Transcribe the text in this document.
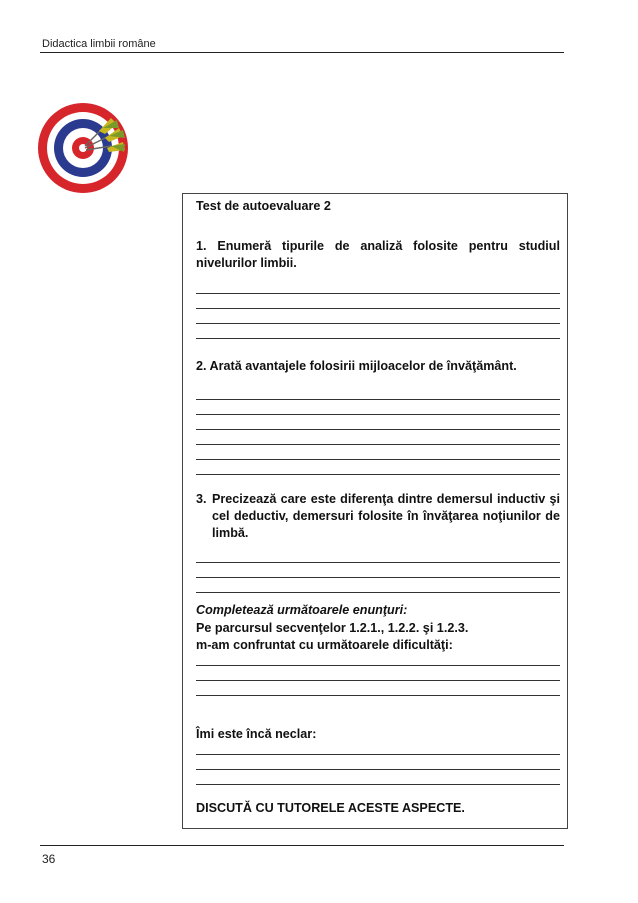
Didactica limbii române
Test de autoevaluare 2
1. Enumeră tipurile de analiză folosite pentru studiul nivelurilor limbii.
2. Arată avantajele folosirii mijloacelor de învăţământ.
3. Precizează care este diferenţa dintre demersul inductiv şi cel deductiv, demersuri folosite în învăţarea noţiunilor de limbă.
Completează următoarele enunţuri:
Pe parcursul secvenţelor 1.2.1., 1.2.2. şi 1.2.3. m-am confruntat cu următoarele dificultăţi:
Îmi este încă neclar:
DISCUTĂ CU TUTORELE ACESTE ASPECTE.
36
